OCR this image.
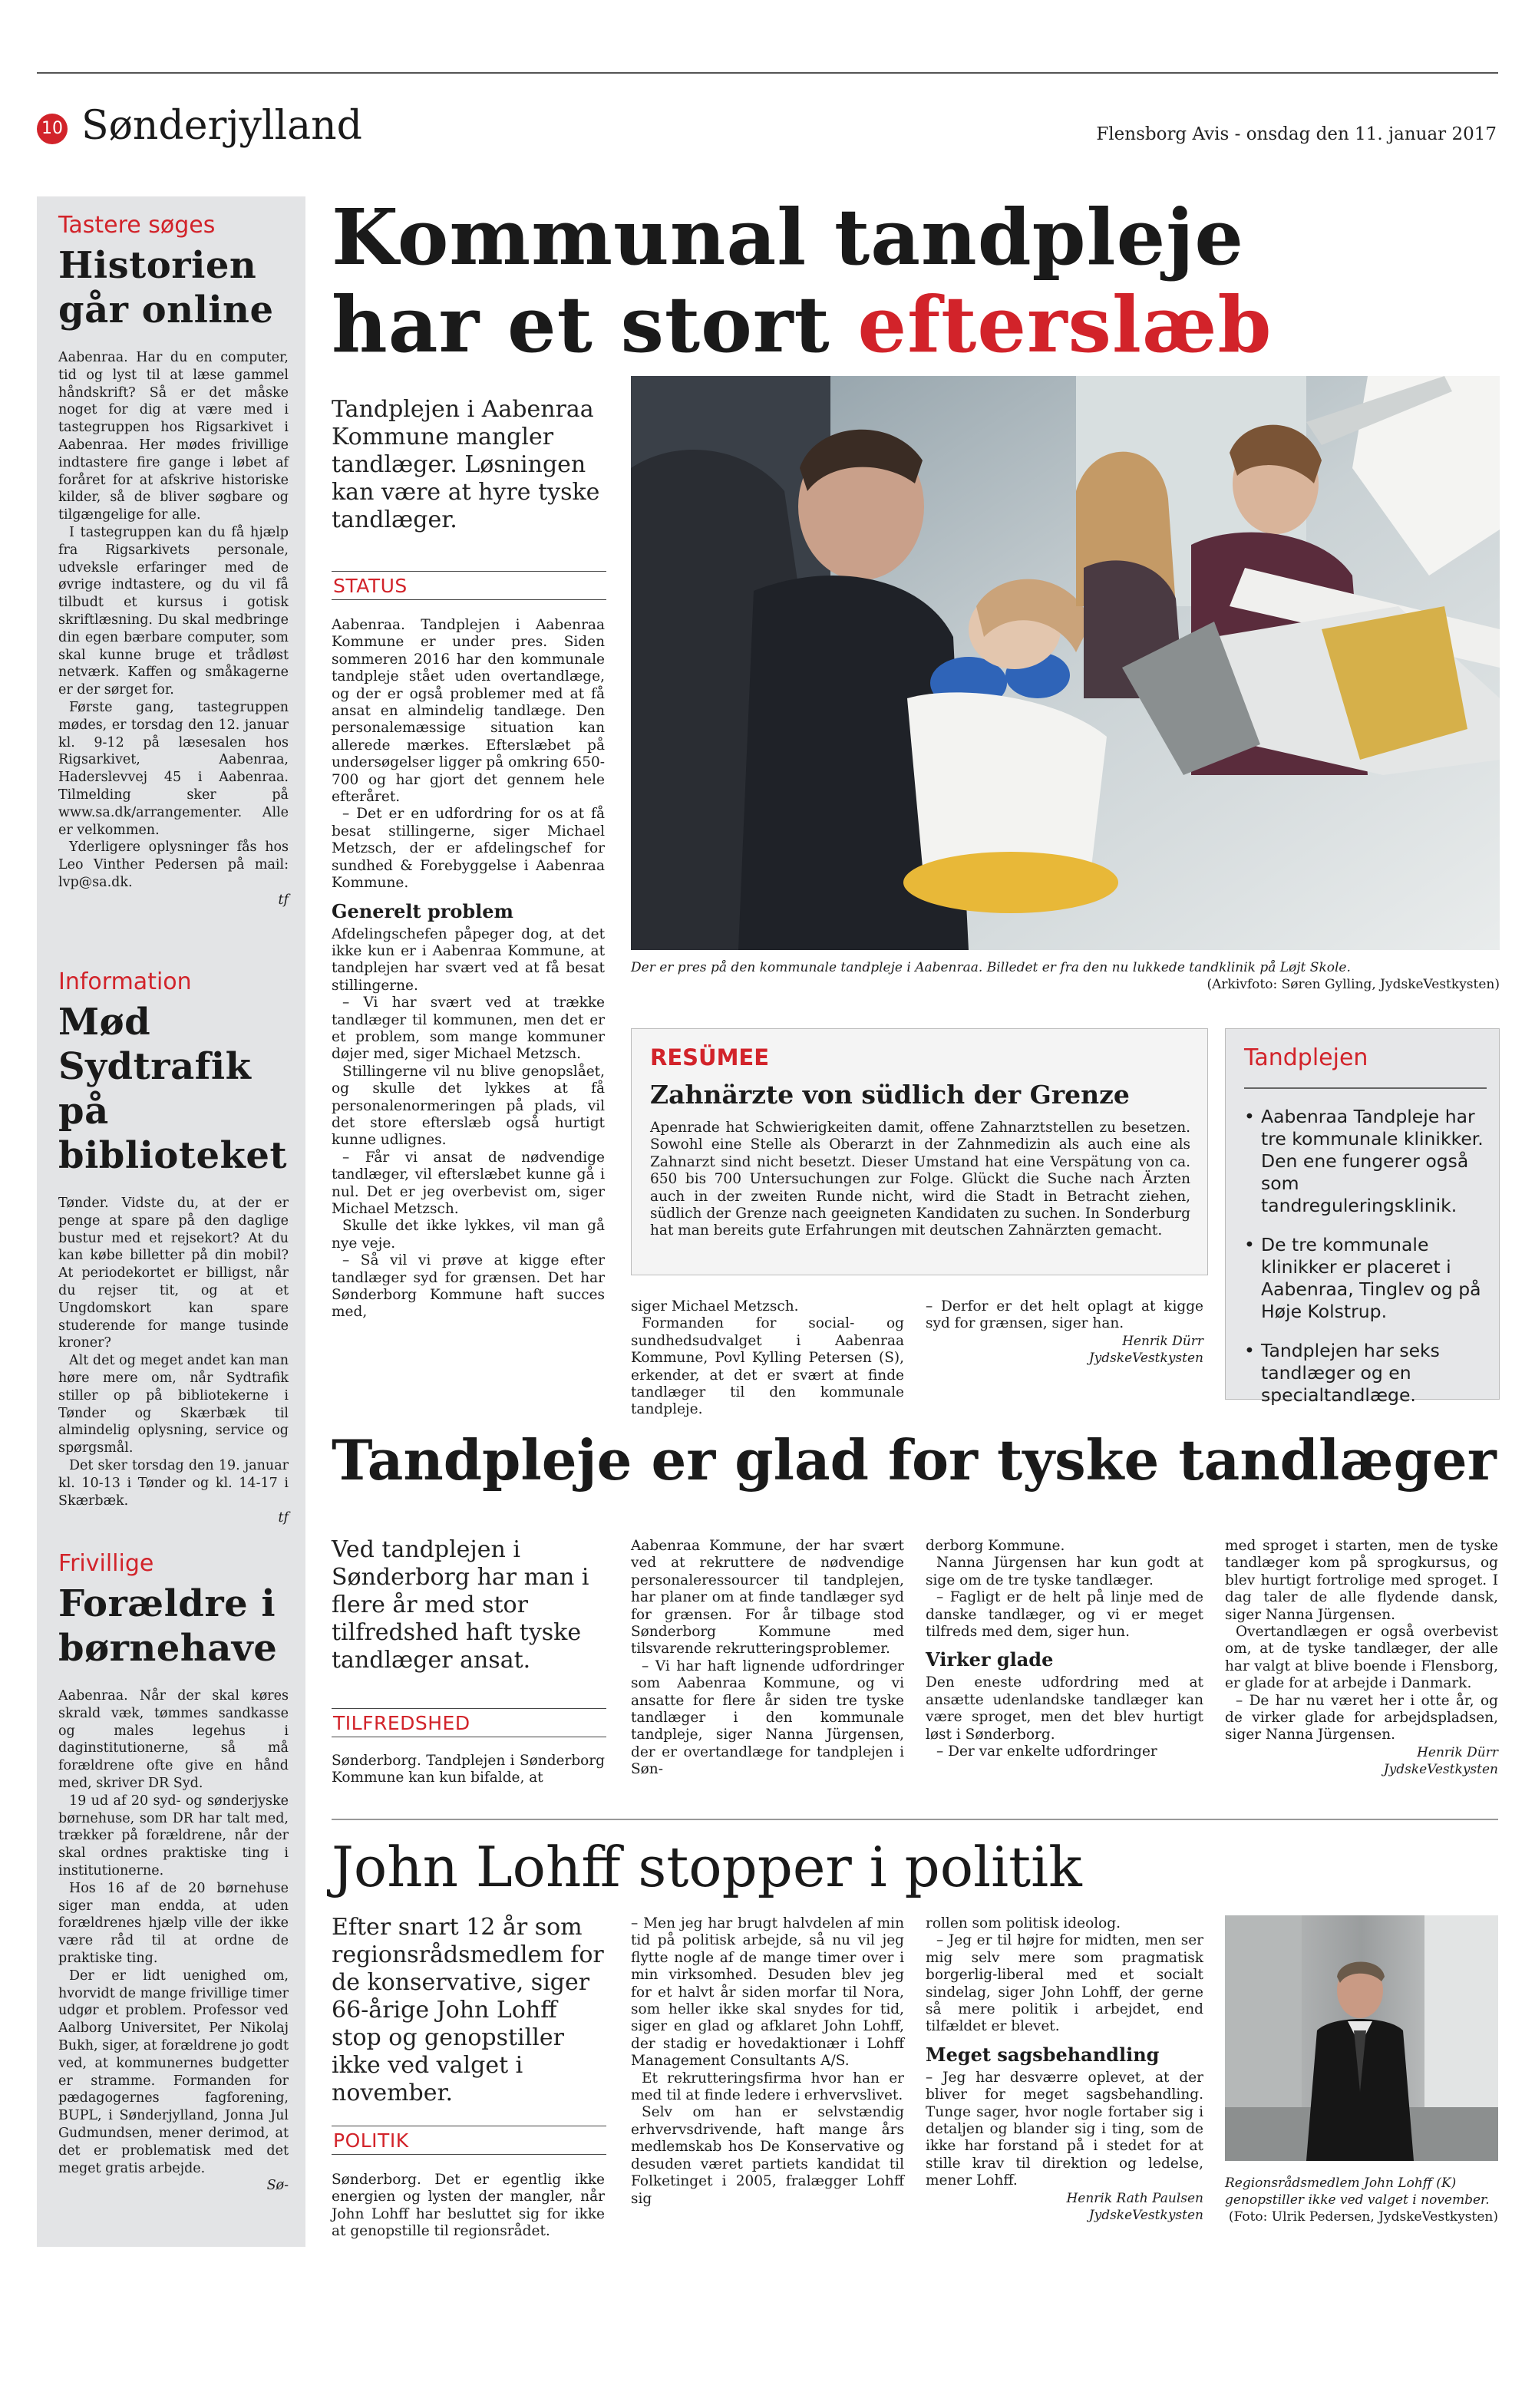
10 Sønderjylland	Flensborg Avis - onsdag den 11. januar 2017
Tastere søges
Historien går online

Aabenraa. Har du en computer, tid og lyst til at læse gammel håndskrift? Så er det måske noget for dig at være med i tastegruppen hos Rigsarkivet i Aabenraa. Her mødes frivillige indtastere fire gange i løbet af foråret for at afskrive historiske kilder, så de bliver søgbare og tilgængelige for alle.

I tastegruppen kan du få hjælp fra Rigsarkivets personale, udveksle erfaringer med de øvrige indtastere, og du vil få tilbudt et kursus i gotisk skriftlæsning. Du skal medbringe din egen bærbare computer, som skal kunne bruge et trådløst netværk. Kaffen og småkagerne er der sørget for.

Første gang, tastegruppen mødes, er torsdag den 12. januar kl. 9-12 på læsesalen hos Rigsarkivet, Aabenraa, Haderslevvej 45 i Aabenraa. Tilmelding sker på www.sa.dk/arrangementer. Alle er velkommen.

Yderligere oplysninger fås hos Leo Vinther Pedersen på mail: lvp@sa.dk.

tf
Information
Mød Sydtrafik på biblioteket

Tønder. Vidste du, at der er penge at spare på den daglige bustur med et rejsekort? At du kan købe billetter på din mobil? At periodekortet er billigst, når du rejser tit, og at et Ungdomskort kan spare studerende for mange tusinde kroner?

Alt det og meget andet kan man høre mere om, når Sydtrafik stiller op på bibliotekerne i Tønder og Skærbæk til almindelig oplysning, service og spørgsmål.

Det sker torsdag den 19. januar kl. 10-13 i Tønder og kl. 14-17 i Skærbæk.

tf
Frivillige
Forældre i børnehave

Aabenraa. Når der skal køres skrald væk, tømmes sandkasse og males legehus i daginstitutionerne, så må forældrene ofte give en hånd med, skriver DR Syd.

19 ud af 20 syd- og sønderjyske børnehuse, som DR har talt med, trækker på forældrene, når der skal ordnes praktiske ting i institutionerne.

Hos 16 af de 20 børnehuse siger man endda, at uden forældrenes hjælp ville der ikke være råd til at ordne de praktiske ting.

Der er lidt uenighed om, hvorvidt de mange frivillige timer udgør et problem. Professor ved Aalborg Universitet, Per Nikolaj Bukh, siger, at forældrene jo godt ved, at kommunernes budgetter er stramme. Formanden for pædagogernes fagforening, BUPL, i Sønderjylland, Jonna Jul Gudmundsen, mener derimod, at det er problematisk med det meget gratis arbejde.

Sø-
Kommunal tandpleje
har et stort efterslæb
Tandplejen i Aabenraa Kommune mangler tandlæger. Løsningen kan være at hyre tyske tandlæger.
STATUS

Aabenraa. Tandplejen i Aabenraa Kommune er under pres. Siden sommeren 2016 har den kommunale tandpleje stået uden overtandlæge, og der er også problemer med at få ansat en almindelig tandlæge. Den personalemæssige situation kan allerede mærkes. Efterslæbet på undersøgelser ligger på omkring 650-700 og har gjort det gennem hele efteråret.

– Det er en udfordring for os at få besat stillingerne, siger Michael Metzsch, der er afdelingschef for sundhed & Forebyggelse i Aabenraa Kommune.

Generelt problem

Afdelingschefen påpeger dog, at det ikke kun er i Aabenraa Kommune, at tandplejen har svært ved at få besat stillingerne.

– Vi har svært ved at trække tandlæger til kommunen, men det er et problem, som mange kommuner døjer med, siger Michael Metzsch.

Stillingerne vil nu blive genopslået, og skulle det lykkes at få personalenormeringen på plads, vil det store efterslæb også hurtigt kunne udlignes.

– Får vi ansat de nødvendige tandlæger, vil efterslæbet kunne gå i nul. Det er jeg overbevist om, siger Michael Metzsch.

Skulle det ikke lykkes, vil man gå nye veje.

– Så vil vi prøve at kigge efter tandlæger syd for grænsen. Det har Sønderborg Kommune haft succes med,

Der er pres på den kommunale tandpleje i Aabenraa. Billedet er fra den nu lukkede tandklinik på Løjt Skole.
(Arkivfoto: Søren Gylling, JydskeVestkysten)
RESÜMEE
Zahnärzte von südlich der Grenze
Apenrade hat Schwierigkeiten damit, offene Zahnarztstellen zu besetzen. Sowohl eine Stelle als Oberarzt in der Zahnmedizin als auch eine als Zahnarzt sind nicht besetzt. Dieser Umstand hat eine Verspätung von ca. 650 bis 700 Untersuchungen zur Folge. Glückt die Suche nach Ärzten auch in der zweiten Runde nicht, wird die Stadt in Betracht ziehen, südlich der Grenze nach geeigneten Kandidaten zu suchen. In Sonderburg hat man bereits gute Erfahrungen mit deutschen Zahnärzten gemacht.
Tandplejen
• Aabenraa Tandpleje har tre kommunale klinikker. Den ene fungerer også som tandreguleringsklinik.
• De tre kommunale klinikker er placeret i Aabenraa, Tinglev og på Høje Kolstrup.
• Tandplejen har seks tandlæger og en specialtandlæge.

siger Michael Metzsch.

Formanden for social- og sundhedsudvalget i Aabenraa Kommune, Povl Kylling Petersen (S), erkender, at det er svært at finde tandlæger til den kommunale tandpleje.

– Derfor er det helt oplagt at kigge syd for grænsen, siger han.

Henrik Dürr
JydskeVestkysten
Tandpleje er glad for tyske tandlæger
Ved tandplejen i Sønderborg har man i flere år med stor tilfredshed haft tyske tandlæger ansat.
TILFREDSHED

Sønderborg. Tandplejen i Sønderborg Kommune kan kun bifalde, at

Aabenraa Kommune, der har svært ved at rekruttere de nødvendige personaleressourcer til tandplejen, har planer om at finde tandlæger syd for grænsen. For år tilbage stod Sønderborg Kommune med tilsvarende rekrutteringsproblemer.

– Vi har haft lignende udfordringer som Aabenraa Kommune, og vi ansatte for flere år siden tre tyske tandlæger i den kommunale tandpleje, siger Nanna Jürgensen, der er overtandlæge for tandplejen i Søn-

derborg Kommune.

Nanna Jürgensen har kun godt at sige om de tre tyske tandlæger.

– Fagligt er de helt på linje med de danske tandlæger, og vi er meget tilfreds med dem, siger hun.

Virker glade

Den eneste udfordring med at ansætte udenlandske tandlæger kan være sproget, men det blev hurtigt løst i Sønderborg.

– Der var enkelte udfordringer

med sproget i starten, men de tyske tandlæger kom på sprogkursus, og blev hurtigt fortrolige med sproget. I dag taler de alle flydende dansk, siger Nanna Jürgensen.

Overtandlægen er også overbevist om, at de tyske tandlæger, der alle har valgt at blive boende i Flensborg, er glade for at arbejde i Danmark.

– De har nu været her i otte år, og de virker glade for arbejdspladsen, siger Nanna Jürgensen.

Henrik Dürr
JydskeVestkysten
John Lohff stopper i politik
Efter snart 12 år som regionsrådsmedlem for de konservative, siger 66-årige John Lohff stop og genopstiller ikke ved valget i november.
POLITIK

Sønderborg. Det er egentlig ikke energien og lysten der mangler, når John Lohff har besluttet sig for ikke at genopstille til regionsrådet.

– Men jeg har brugt halvdelen af min tid på politisk arbejde, så nu vil jeg flytte nogle af de mange timer over i min virksomhed. Desuden blev jeg for et halvt år siden morfar til Nora, som heller ikke skal snydes for tid, siger en glad og afklaret John Lohff, der stadig er hovedaktionær i Lohff Management Consultants A/S.

Et rekrutteringsfirma hvor han er med til at finde ledere i erhvervslivet.

Selv om han er selvstændig erhvervsdrivende, haft mange års medlemskab hos De Konservative og desuden været partiets kandidat til Folketinget i 2005, fralægger Lohff sig

rollen som politisk ideolog.

– Jeg er til højre for midten, men ser mig selv mere som pragmatisk borgerlig-liberal med et socialt sindelag, siger John Lohff, der gerne så mere politik i arbejdet, end tilfældet er blevet.

Meget sagsbehandling

– Jeg har desværre oplevet, at der bliver for meget sagsbehandling. Tunge sager, hvor nogle fortaber sig i detaljen og blander sig i ting, som de ikke har forstand på i stedet for at stille krav til direktion og ledelse, mener Lohff.

Henrik Rath Paulsen
JydskeVestkysten
Regionsrådsmedlem John Lohff (K) genopstiller ikke ved valget i november.
(Foto: Ulrik Pedersen, JydskeVestkysten)
